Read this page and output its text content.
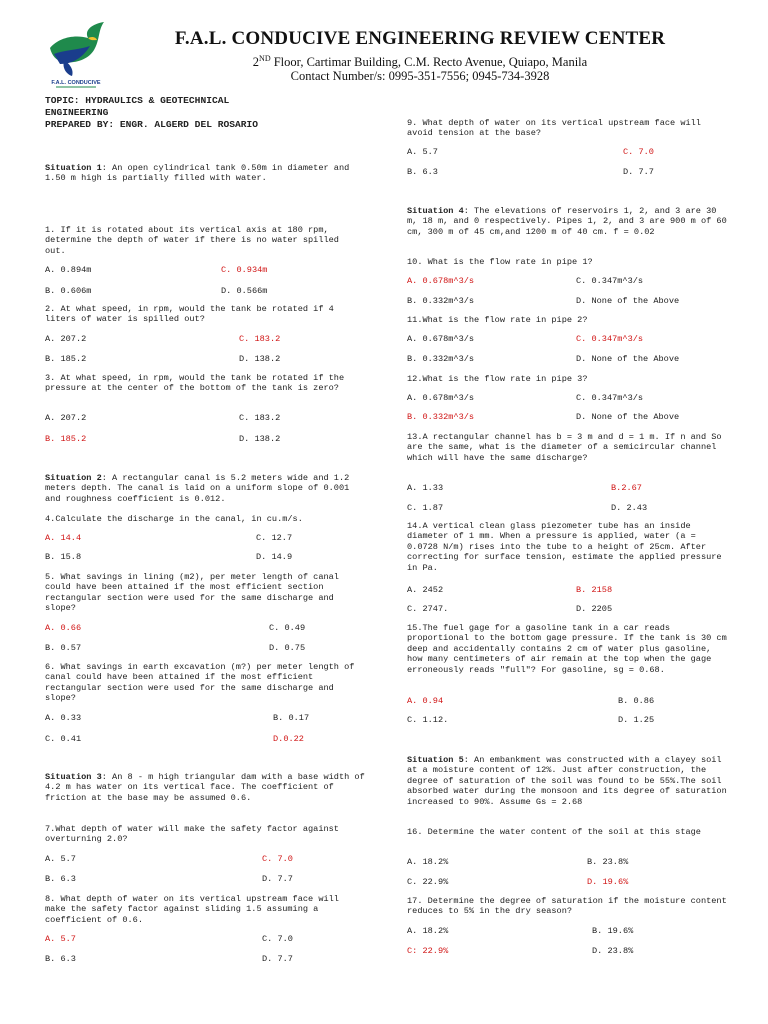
F.A.L. CONDUCIVE
F.A.L. CONDUCIVE ENGINEERING REVIEW CENTER
2ND Floor, Cartimar Building, C.M. Recto Avenue, Quiapo, Manila
Contact Number/s: 0995-351-7556; 0945-734-3928
TOPIC: HYDRAULICS & GEOTECHNICAL
ENGINEERING
PREPARED BY: ENGR. ALGERD DEL ROSARIO
Situation 1: An open cylindrical tank 0.50m in diameter and 1.50 m high is partially filled with water.
1. If it is rotated about its vertical axis at 180 rpm, determine the depth of water if there is no water spilled out.
A. 0.894m	C. 0.934m
B. 0.606m	D. 0.566m
2. At what speed, in rpm, would the tank be rotated if 4 liters of water is spilled out?
A. 207.2	C. 183.2
B. 185.2	D. 138.2
3. At what speed, in rpm, would the tank be rotated if the pressure at the center of the bottom of the tank is zero?
A. 207.2	C. 183.2
B. 185.2	D. 138.2
Situation 2: A rectangular canal is 5.2 meters wide and 1.2 meters depth. The canal is laid on a uniform slope of 0.001 and roughness coefficient is 0.012.
4.Calculate the discharge in the canal, in cu.m/s.
A. 14.4	C. 12.7
B. 15.8	D. 14.9
5. What savings in lining (m2), per meter length of canal could have been attained if the most efficient section rectangular section were used for the same discharge and slope?
A. 0.66	C. 0.49
B. 0.57	D. 0.75
6. What savings in earth excavation (m?) per meter length of canal could have been attained if the most efficient rectangular section were used for the same discharge and slope?
A. 0.33	B. 0.17
C. 0.41	D.0.22
Situation 3: An 8 - m high triangular dam with a base width of 4.2 m has water on its vertical face. The coefficient of friction at the base may be assumed 0.6.
7.What depth of water will make the safety factor against overturning 2.0?
A. 5.7	C. 7.0
B. 6.3	D. 7.7
8. What depth of water on its vertical upstream face will make the safety factor against sliding 1.5 assuming a coefficient of 0.6.
A. 5.7	C. 7.0
B. 6.3	D. 7.7
9. What depth of water on its vertical upstream face will avoid tension at the base?
A. 5.7	C. 7.0
B. 6.3	D. 7.7
Situation 4: The elevations of reservoirs 1, 2, and 3 are 30 m, 18 m, and 0 respectively. Pipes 1, 2, and 3 are 900 m of 60 cm, 300 m of 45 cm,and 1200 m of 40 cm. f = 0.02
10. What is the flow rate in pipe 1?
A. 0.678m^3/s	C. 0.347m^3/s
B. 0.332m^3/s	D. None of the Above
11.What is the flow rate in pipe 2?
A. 0.678m^3/s	C. 0.347m^3/s
B. 0.332m^3/s	D. None of the Above
12.What is the flow rate in pipe 3?
A. 0.678m^3/s	C. 0.347m^3/s
B. 0.332m^3/s	D. None of the Above
13.A rectangular channel has b = 3 m and d = 1 m. If n and So are the same, what is the diameter of a semicircular channel which will have the same discharge?
A. 1.33	B.2.67
C. 1.87	D. 2.43
14.A vertical clean glass piezometer tube has an inside diameter of 1 mm. When a pressure is applied, water (a = 0.0728 N/m) rises into the tube to a height of 25cm. After correcting for surface tension, estimate the applied pressure in Pa.
A. 2452	B. 2158
C. 2747.	D. 2205
15.The fuel gage for a gasoline tank in a car reads proportional to the bottom gage pressure. If the tank is 30 cm deep and accidentally contains 2 cm of water plus gasoline, how many centimeters of air remain at the top when the gage erroneously reads "full"? For gasoline, sg = 0.68.
A. 0.94	B. 0.86
C. 1.12.	D. 1.25
Situation 5: An embankment was constructed with a clayey soil at a moisture content of 12%. Just after construction, the degree of saturation of the soil was found to be 55%.The soil absorbed water during the monsoon and its degree of saturation increased to 90%. Assume Gs = 2.68
16. Determine the water content of the soil at this stage
A. 18.2%	B. 23.8%
C. 22.9%	D. 19.6%
17. Determine the degree of saturation if the moisture content reduces to 5% in the dry season?
A. 18.2%	B. 19.6%
C: 22.9%	D. 23.8%
